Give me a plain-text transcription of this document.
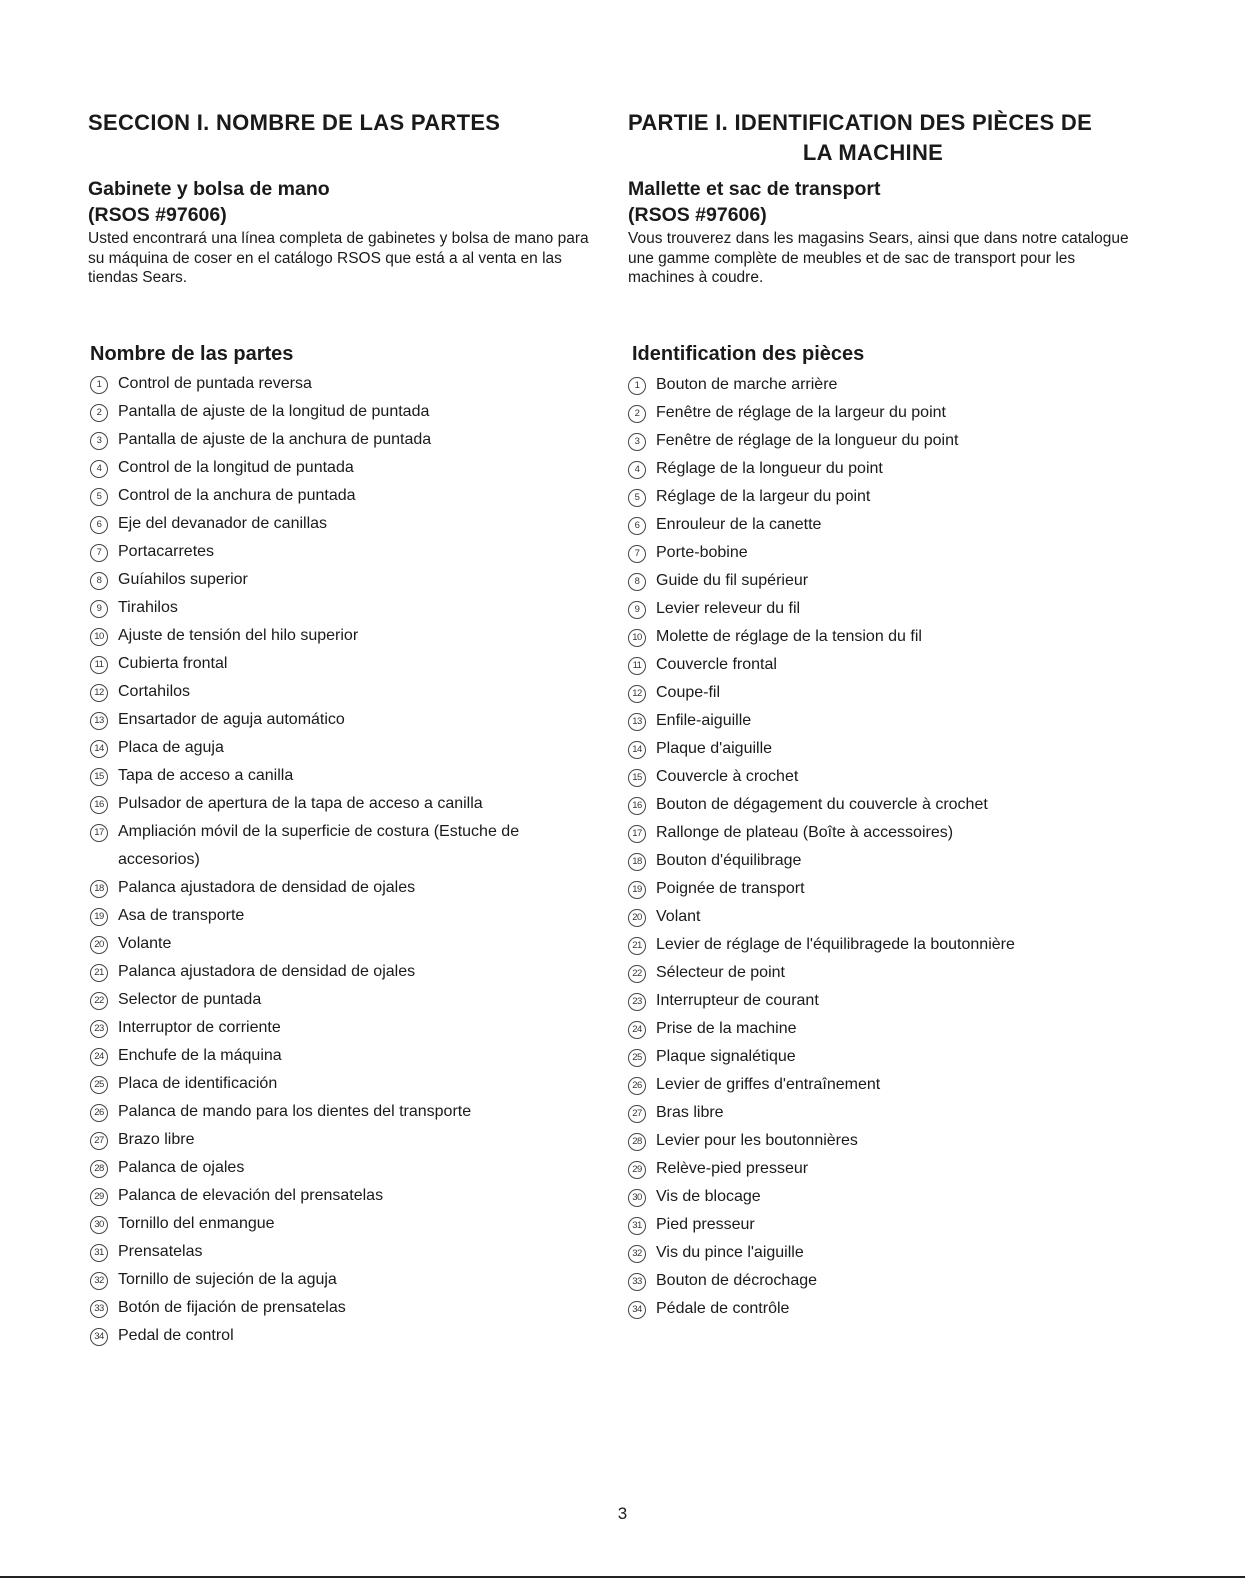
SECCION I. NOMBRE DE LAS PARTES
Gabinete y bolsa de mano
(RSOS #97606)

Usted encontrará una línea completa de gabinetes y bolsa de mano para su máquina de coser en el catálogo RSOS que está a al venta en las tiendas Sears.

Nombre de las partes
1	Control de puntada reversa
2	Pantalla de ajuste de la longitud de puntada
3	Pantalla de ajuste de la anchura de puntada
4	Control de la longitud de puntada
5	Control de la anchura de puntada
6	Eje del devanador de canillas
7	Portacarretes
8	Guíahilos superior
9	Tirahilos
10 Ajuste de tensión del hilo superior
11 Cubierta frontal
12 Cortahilos
13 Ensartador de aguja automático
14 Placa de aguja
15 Tapa de acceso a canilla
16 Pulsador de apertura de la tapa de acceso a canilla
17 Ampliación móvil de la superficie de costura (Estuche de
accesorios)
18 Palanca ajustadora de densidad de ojales
19 Asa de transporte
20 Volante
21 Palanca ajustadora de densidad de ojales
22 Selector de puntada
23 Interruptor de corriente
24 Enchufe de la máquina
25 Placa de identificación
26 Palanca de mando para los dientes del transporte
27 Brazo libre
28 Palanca de ojales
29 Palanca de elevación del prensatelas
30 Tornillo del enmangue
31 Prensatelas
32 Tornillo de sujeción de la aguja
33 Botón de fijación de prensatelas
34 Pedal de control
PARTIE I. IDENTIFICATION DES PIÈCES DE
LA MACHINE
Mallette et sac de transport
(RSOS #97606)

Vous trouverez dans les magasins Sears, ainsi que dans notre catalogue une gamme complète de meubles et de sac de transport pour les machines à coudre.

Identification des pièces
1	Bouton de marche arrière
2	Fenêtre de réglage de la largeur du point
3	Fenêtre de réglage de la longueur du point
4	Réglage de la longueur du point
5	Réglage de la largeur du point
6	Enrouleur de la canette
7	Porte-bobine
8	Guide du fil supérieur
9	Levier releveur du fil
10 Molette de réglage de la tension du fil
11 Couvercle frontal
12 Coupe-fil
13 Enfile-aiguille
14 Plaque d'aiguille
15 Couvercle à crochet
16 Bouton de dégagement du couvercle à crochet
17 Rallonge de plateau (Boîte à accessoires)
18 Bouton d'équilibrage
19 Poignée de transport
20 Volant
21 Levier de réglage de l'équilibragede la boutonnière
22 Sélecteur de point
23 Interrupteur de courant
24 Prise de la machine
25 Plaque signalétique
26 Levier de griffes d'entraînement
27 Bras libre
28 Levier pour les boutonnières
29 Relève-pied presseur
30 Vis de blocage
31 Pied presseur
32 Vis du pince l'aiguille
33 Bouton de décrochage
34 Pédale de contrôle
3
